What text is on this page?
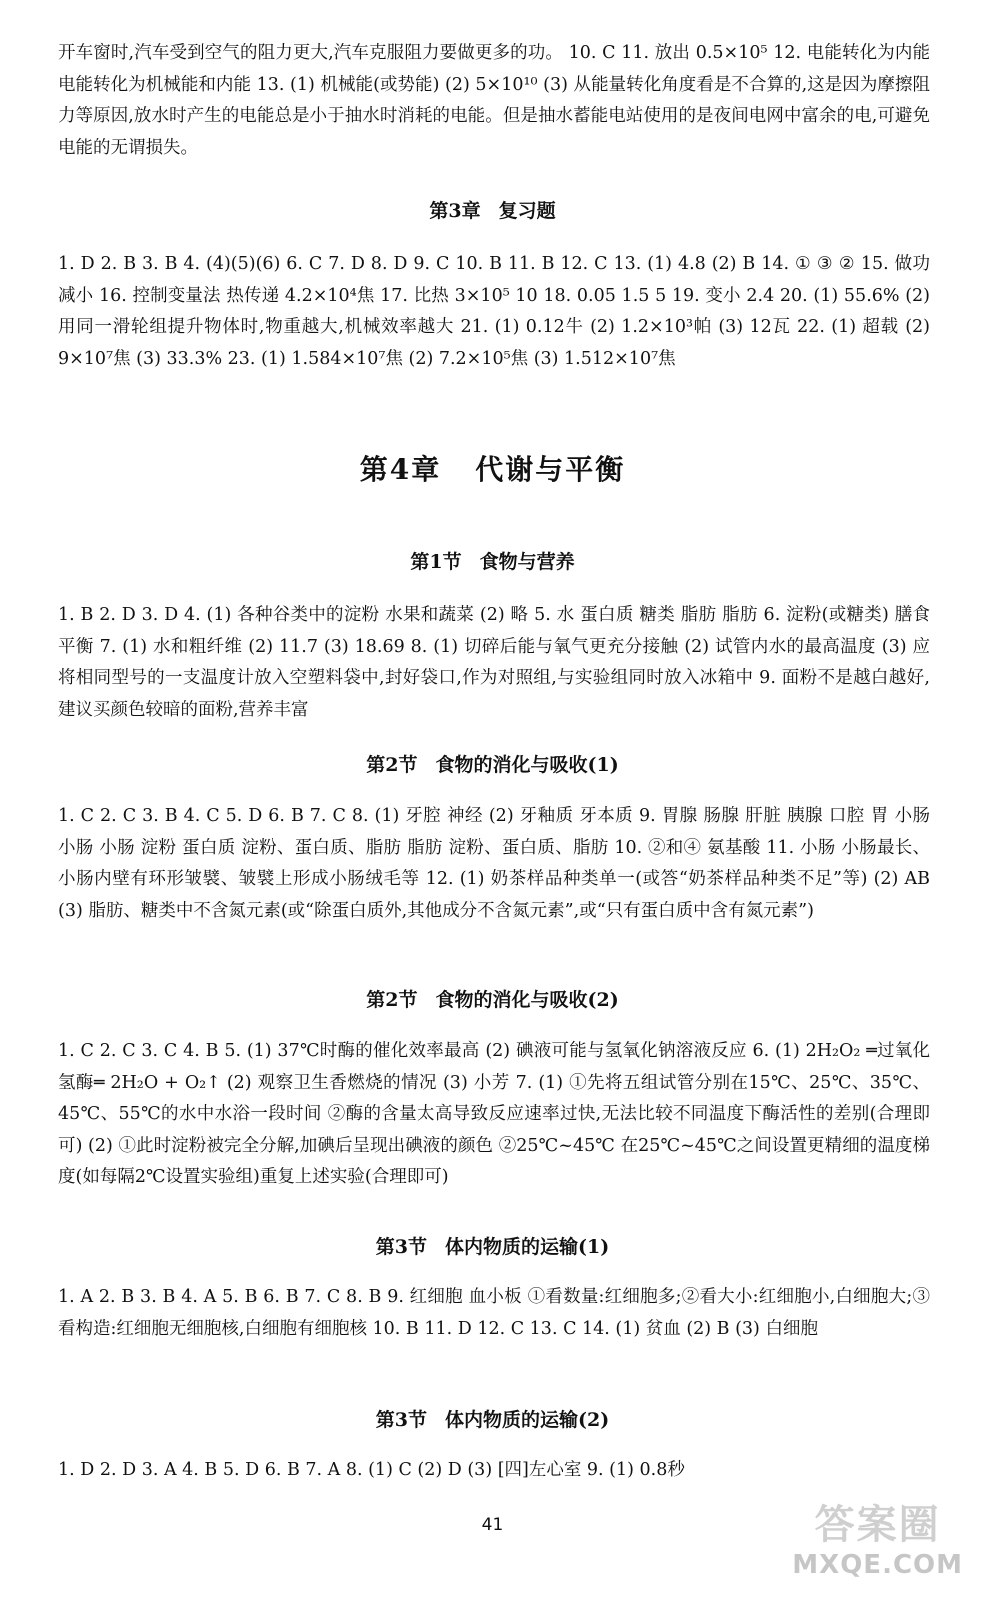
开车窗时,汽车受到空气的阻力更大,汽车克服阻力要做更多的功。 10. C 11. 放出 0.5×10⁵ 12. 电能转化为内能 电能转化为机械能和内能 13. (1) 机械能(或势能) (2) 5×10¹⁰ (3) 从能量转化角度看是不合算的,这是因为摩擦阻力等原因,放水时产生的电能总是小于抽水时消耗的电能。但是抽水蓄能电站使用的是夜间电网中富余的电,可避免电能的无谓损失。

第3章 复习题

1. D 2. B 3. B 4. (4)(5)(6) 6. C 7. D 8. D 9. C 10. B 11. B 12. C 13. (1) 4.8 (2) B 14. ① ③ ② 15. 做功 减小 16. 控制变量法 热传递 4.2×10⁴焦 17. 比热 3×10⁵ 10 18. 0.05 1.5 5 19. 变小 2.4 20. (1) 55.6% (2) 用同一滑轮组提升物体时,物重越大,机械效率越大 21. (1) 0.12牛 (2) 1.2×10³帕 (3) 12瓦 22. (1) 超载 (2) 9×10⁷焦 (3) 33.3% 23. (1) 1.584×10⁷焦 (2) 7.2×10⁵焦 (3) 1.512×10⁷焦

第4章 代谢与平衡
第1节 食物与营养

1. B 2. D 3. D 4. (1) 各种谷类中的淀粉 水果和蔬菜 (2) 略 5. 水 蛋白质 糖类 脂肪 脂肪 6. 淀粉(或糖类) 膳食平衡 7. (1) 水和粗纤维 (2) 11.7 (3) 18.69 8. (1) 切碎后能与氧气更充分接触 (2) 试管内水的最高温度 (3) 应将相同型号的一支温度计放入空塑料袋中,封好袋口,作为对照组,与实验组同时放入冰箱中 9. 面粉不是越白越好,建议买颜色较暗的面粉,营养丰富

第2节 食物的消化与吸收(1)

1. C 2. C 3. B 4. C 5. D 6. B 7. C 8. (1) 牙腔 神经 (2) 牙釉质 牙本质 9. 胃腺 肠腺 肝脏 胰腺 口腔 胃 小肠 小肠 小肠 淀粉 蛋白质 淀粉、蛋白质、脂肪 脂肪 淀粉、蛋白质、脂肪 10. ②和④ 氨基酸 11. 小肠 小肠最长、小肠内壁有环形皱襞、皱襞上形成小肠绒毛等 12. (1) 奶茶样品种类单一(或答“奶茶样品种类不足”等) (2) AB (3) 脂肪、糖类中不含氮元素(或“除蛋白质外,其他成分不含氮元素”,或“只有蛋白质中含有氮元素”)

第2节 食物的消化与吸收(2)

1. C 2. C 3. C 4. B 5. (1) 37℃时酶的催化效率最高 (2) 碘液可能与氢氧化钠溶液反应 6. (1) 2H₂O₂ ═过氧化氢酶═ 2H₂O + O₂↑ (2) 观察卫生香燃烧的情况 (3) 小芳 7. (1) ①先将五组试管分别在15℃、25℃、35℃、45℃、55℃的水中水浴一段时间 ②酶的含量太高导致反应速率过快,无法比较不同温度下酶活性的差别(合理即可) (2) ①此时淀粉被完全分解,加碘后呈现出碘液的颜色 ②25℃~45℃ 在25℃~45℃之间设置更精细的温度梯度(如每隔2℃设置实验组)重复上述实验(合理即可)

第3节 体内物质的运输(1)

1. A 2. B 3. B 4. A 5. B 6. B 7. C 8. B 9. 红细胞 血小板 ①看数量:红细胞多;②看大小:红细胞小,白细胞大;③看构造:红细胞无细胞核,白细胞有细胞核 10. B 11. D 12. C 13. C 14. (1) 贫血 (2) B (3) 白细胞

第3节 体内物质的运输(2)

1. D 2. D 3. A 4. B 5. D 6. B 7. A 8. (1) C (2) D (3) [四]左心室 9. (1) 0.8秒

41	答案圈
MXQE.COM
